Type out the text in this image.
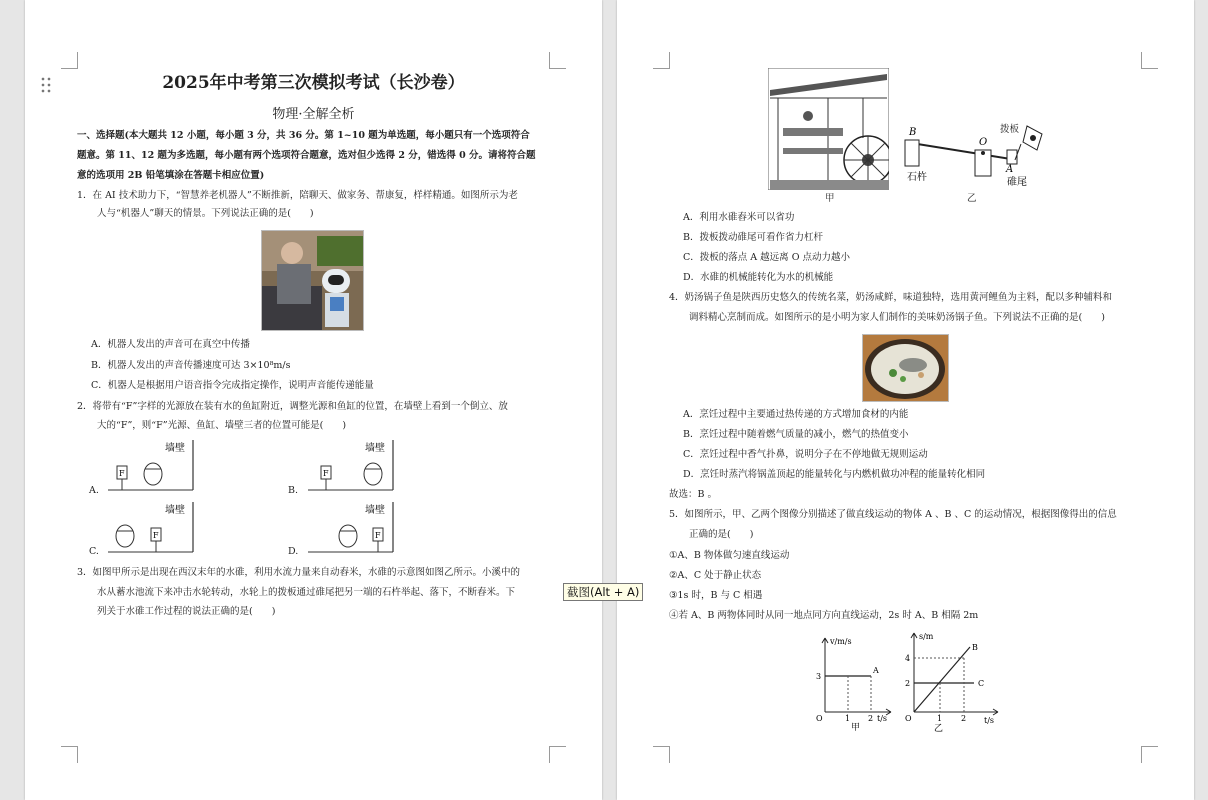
2025年中考第三次模拟考试（长沙卷）
物理·全解全析
一、选择题(本大题共 12 小题，每小题 3 分，共 36 分。第 1~10 题为单选题，每小题只有一个选项符合
题意。第 11、12 题为多选题，每小题有两个选项符合题意，选对但少选得 2 分，错选得 0 分。请将符合题
意的选项用 2B 铅笔填涂在答题卡相应位置)
1．在 AI 技术助力下，“智慧养老机器人”不断推新，陪聊天、做家务、帮康复，样样精通。如图所示为老
人与“机器人”聊天的情景。下列说法正确的是(　　)
A．机器人发出的声音可在真空中传播
B．机器人发出的声音传播速度可达 3×10⁸m/s
C．机器人是根据用户语音指令完成指定操作，说明声音能传递能量
2．将带有“F”字样的光源放在装有水的鱼缸附近，调整光源和鱼缸的位置，在墙壁上看到一个倒立、放
大的“F”，则“F”光源、鱼缸、墙壁三者的位置可能是(　　)
A.
墙壁
F
B.
墙壁
F
C.
墙壁
F
D.
墙壁
F
3．如图甲所示是出现在西汉末年的水碓，利用水流力量来自动舂米，水碓的示意图如图乙所示。小溪中的
水从蓄水池流下来冲击水轮转动，水轮上的拨板通过碓尾把另一端的石杵举起、落下，不断舂米。下
列关于水碓工作过程的说法正确的是(　　)
甲
B
O
A
石杵	碓尾
拨板
乙
A．利用水碓舂米可以省功
B．拨板拨动碓尾可看作省力杠杆
C．拨板的落点 A 越远离 O 点动力越小
D．水碓的机械能转化为水的机械能
4．奶汤锅子鱼是陕西历史悠久的传统名菜，奶汤咸鲜，味道独特，选用黄河鲤鱼为主料，配以多种辅料和
调料精心烹制而成。如图所示的是小明为家人们制作的美味奶汤锅子鱼。下列说法不正确的是(　　)
A．烹饪过程中主要通过热传递的方式增加食材的内能
B．烹饪过程中随着燃气质量的减小，燃气的热值变小
C．烹饪过程中香气扑鼻，说明分子在不停地做无规则运动
D．烹饪时蒸汽将锅盖顶起的能量转化与内燃机做功冲程的能量转化相同
故选：B 。
5．如图所示，甲、乙两个图像分别描述了做直线运动的物体 A 、B 、C 的运动情况，根据图像得出的信息
正确的是(　　)
①A、B 物体做匀速直线运动
②A、C 处于静止状态
③1s 时，B 与 C 相遇
④若 A、B 两物体同时从同一地点同方向直线运动，2s 时 A、B 相隔 2m
v/m/s
3
A
O	1 2 t/s
甲
s/m
4
2
B
C
O	1 2 t/s
乙
截图(Alt + A)
